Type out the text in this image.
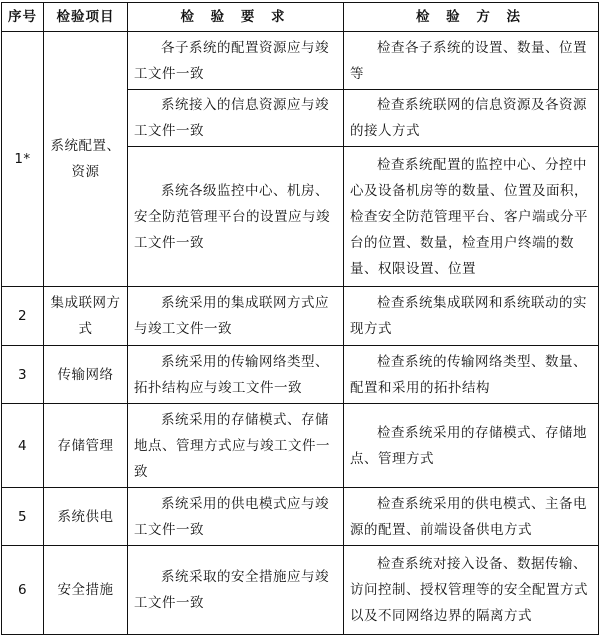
序号	检验项目	检 验 要 求	检 验 方 法
1*	系统配置、资源	各子系统的配置资源应与竣工文件一致	检查各子系统的设置、数量、位置等

		系统接入的信息资源应与竣工文件一致	检查系统联网的信息资源及各资源的接人方式

		系统各级监控中心、机房、安全防范管理平台的设置应与竣工文件一致	检查系统配置的监控中心、分控中心及设备机房等的数量、位置及面积，检查安全防范管理平台、客户端或分平台的位置、数量，检查用户终端的数量、权限设置、位置

2	集成联网方式	系统采用的集成联网方式应与竣工文件一致	检查系统集成联网和系统联动的实现方式

3	传输网络	系统采用的传输网络类型、拓扑结构应与竣工文件一致	检查系统的传输网络类型、数量、配置和采用的拓扑结构

4	存储管理	系统采用的存储模式、存储地点、管理方式应与竣工文件一致	检查系统采用的存储模式、存储地点、管理方式

5	系统供电	系统采用的供电模式应与竣工文件一致	检查系统采用的供电模式、主备电源的配置、前端设备供电方式

6	安全措施	系统采取的安全措施应与竣工文件一致	检查系统对接入设备、数据传输、访问控制、授权管理等的安全配置方式以及不同网络边界的隔离方式
